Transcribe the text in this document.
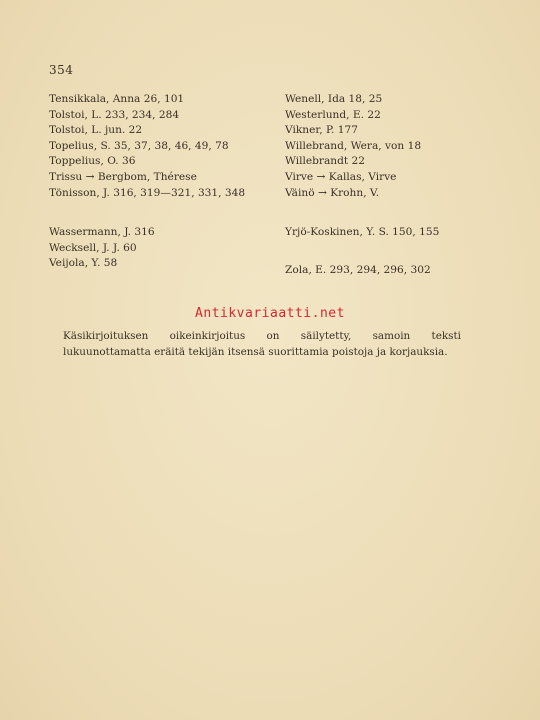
354
Tensikkala, Anna 26, 101
Tolstoi, L. 233, 234, 284
Tolstoi, L. jun. 22
Topelius, S. 35, 37, 38, 46, 49, 78
Toppelius, O. 36
Trissu → Bergbom, Thérese
Tönisson, J. 316, 319—321, 331, 348
Wassermann, J. 316
Wecksell, J. J. 60
Veijola, Y. 58
Wenell, Ida 18, 25
Westerlund, E. 22
Vikner, P. 177
Willebrand, Wera, von 18
Willebrandt 22
Virve → Kallas, Virve
Väinö → Krohn, V.
Yrjö-Koskinen, Y. S. 150, 155
Zola, E. 293, 294, 296, 302
Antikvariaatti.net
Käsikirjoituksen oikeinkirjoitus on säilytetty, samoin teksti lukuunottamatta eräitä tekijän itsensä suorittamia poistoja ja korjauksia.
